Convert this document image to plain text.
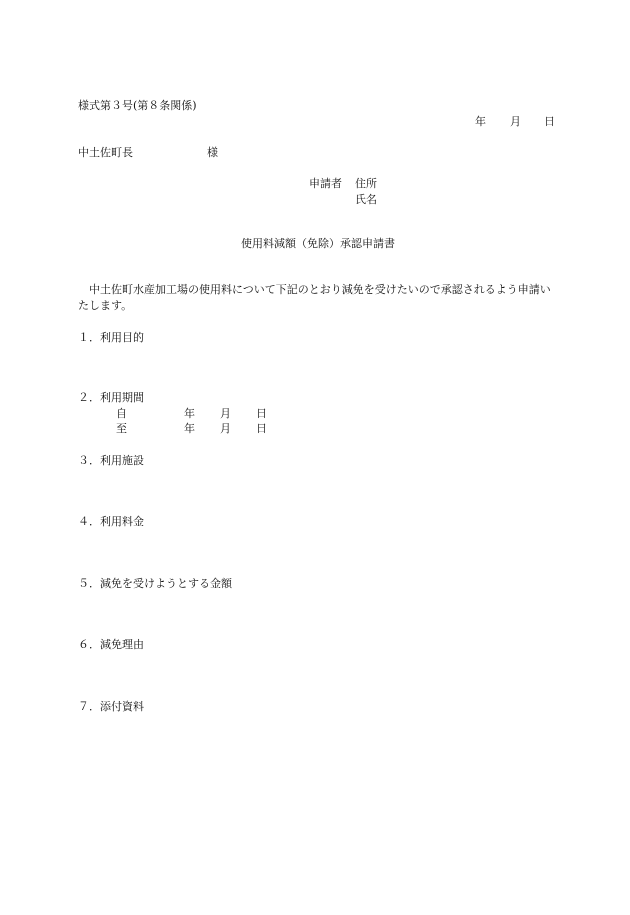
様式第３号(第８条関係)
年 月 日
中土佐町長	様
申請者 住所
氏名
使用料減額（免除）承認申請書
中土佐町水産加工場の使用料について下記のとおり減免を受けたいので承認されるよう申請いたします。
１．利用目的
２．利用期間
自	年 月 日
至	年 月 日
３．利用施設
４．利用料金
５．減免を受けようとする金額
６．減免理由
７．添付資料
